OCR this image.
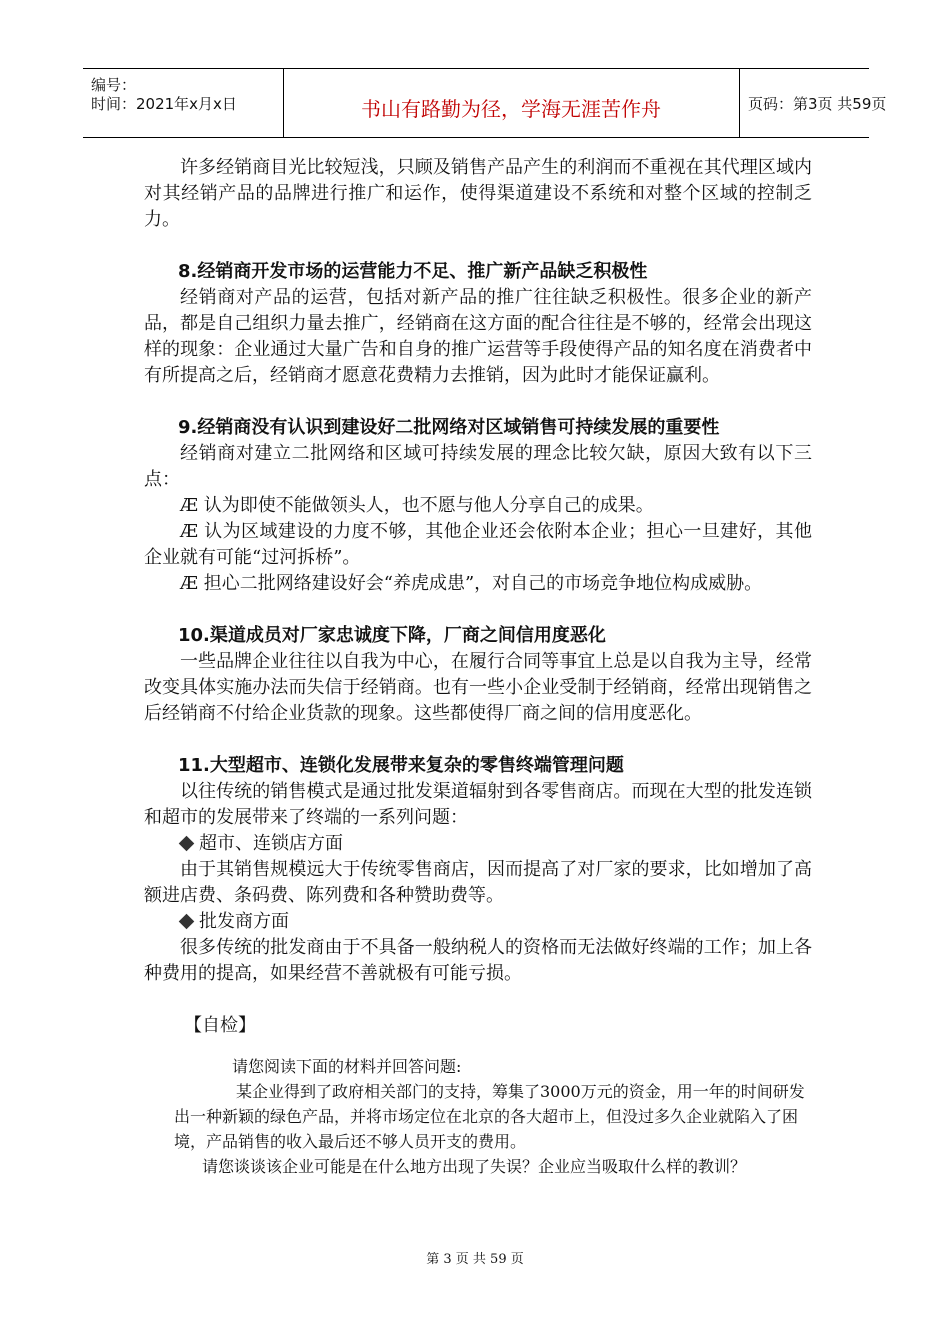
编号：
时间：2021年x月x日	书山有路勤为径，学海无涯苦作舟	页码：第3页 共59页

许多经销商目光比较短浅，只顾及销售产品产生的利润而不重视在其代理区域内对其经销产品的品牌进行推广和运作，使得渠道建设不系统和对整个区域的控制乏力。

8.经销商开发市场的运营能力不足、推广新产品缺乏积极性

经销商对产品的运营，包括对新产品的推广往往缺乏积极性。很多企业的新产品，都是自己组织力量去推广，经销商在这方面的配合往往是不够的，经常会出现这样的现象：企业通过大量广告和自身的推广运营等手段使得产品的知名度在消费者中有所提高之后，经销商才愿意花费精力去推销，因为此时才能保证赢利。

9.经销商没有认识到建设好二批网络对区域销售可持续发展的重要性

经销商对建立二批网络和区域可持续发展的理念比较欠缺，原因大致有以下三点：

Æ 认为即使不能做领头人，也不愿与他人分享自己的成果。

Æ 认为区域建设的力度不够，其他企业还会依附本企业；担心一旦建好，其他企业就有可能“过河拆桥”。

Æ 担心二批网络建设好会“养虎成患”，对自己的市场竞争地位构成威胁。

10.渠道成员对厂家忠诚度下降，厂商之间信用度恶化

一些品牌企业往往以自我为中心，在履行合同等事宜上总是以自我为主导，经常改变具体实施办法而失信于经销商。也有一些小企业受制于经销商，经常出现销售之后经销商不付给企业货款的现象。这些都使得厂商之间的信用度恶化。

11.大型超市、连锁化发展带来复杂的零售终端管理问题

以往传统的销售模式是通过批发渠道辐射到各零售商店。而现在大型的批发连锁和超市的发展带来了终端的一系列问题：

超市、连锁店方面

由于其销售规模远大于传统零售商店，因而提高了对厂家的要求，比如增加了高额进店费、条码费、陈列费和各种赞助费等。

批发商方面

很多传统的批发商由于不具备一般纳税人的资格而无法做好终端的工作；加上各种费用的提高，如果经营不善就极有可能亏损。

【自检】

请您阅读下面的材料并回答问题:

某企业得到了政府相关部门的支持，筹集了3000万元的资金，用一年的时间研发出一种新颖的绿色产品，并将市场定位在北京的各大超市上，但没过多久企业就陷入了困境，产品销售的收入最后还不够人员开支的费用。

请您谈谈该企业可能是在什么地方出现了失误？企业应当吸取什么样的教训？

第 3 页 共 59 页
